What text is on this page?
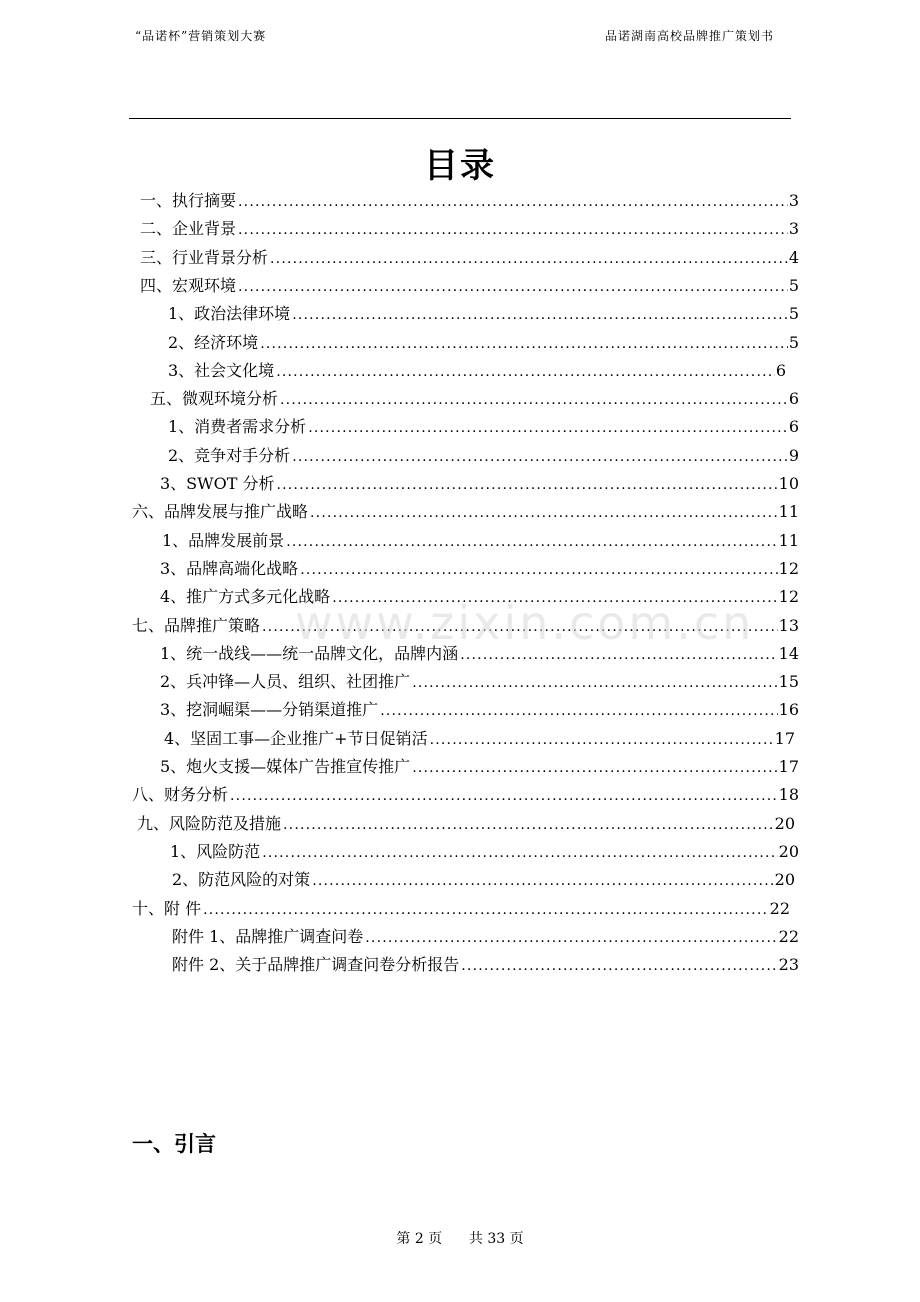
“品诺杯”营销策划大赛	品诺湖南高校品牌推广策划书
目录
一、执行摘要 .....	3
二、企业背景 .....	3
三、行业背景分析 .....	4
四、宏观环境 .....	5
1、政治法律环境 .....	5
2、经济环境 .....	5
3、社会文化境 .....	6
五、微观环境分析 .....	6
1、消费者需求分析 .....	6
2、竞争对手分析 .....	9
3、SWOT 分析 .....	10
六、品牌发展与推广战略 .....	11
1、品牌发展前景 .....	11
3、品牌高端化战略 .....	12
4、推广方式多元化战略 .....	12
七、品牌推广策略 .....	13
1、统一战线——统一品牌文化，品牌内涵 .....	14
2、兵冲锋—人员、组织、社团推广 .....	15
3、挖洞崛渠——分销渠道推广 .....	16
4、坚固工事—企业推广+节日促销活 .....	17
5、炮火支援—媒体广告推宣传推广 .....	17
八、财务分析 .....	18
九、风险防范及措施 .....	20
1、风险防范 .....	20
2、防范风险的对策 .....	20
十、附 件 .....	22
附件 1、品牌推广调查问卷 .....	22
附件 2、关于品牌推广调查问卷分析报告 .....	23
www.zixin.com.cn
一、引言
第 2 页      共 33 页
